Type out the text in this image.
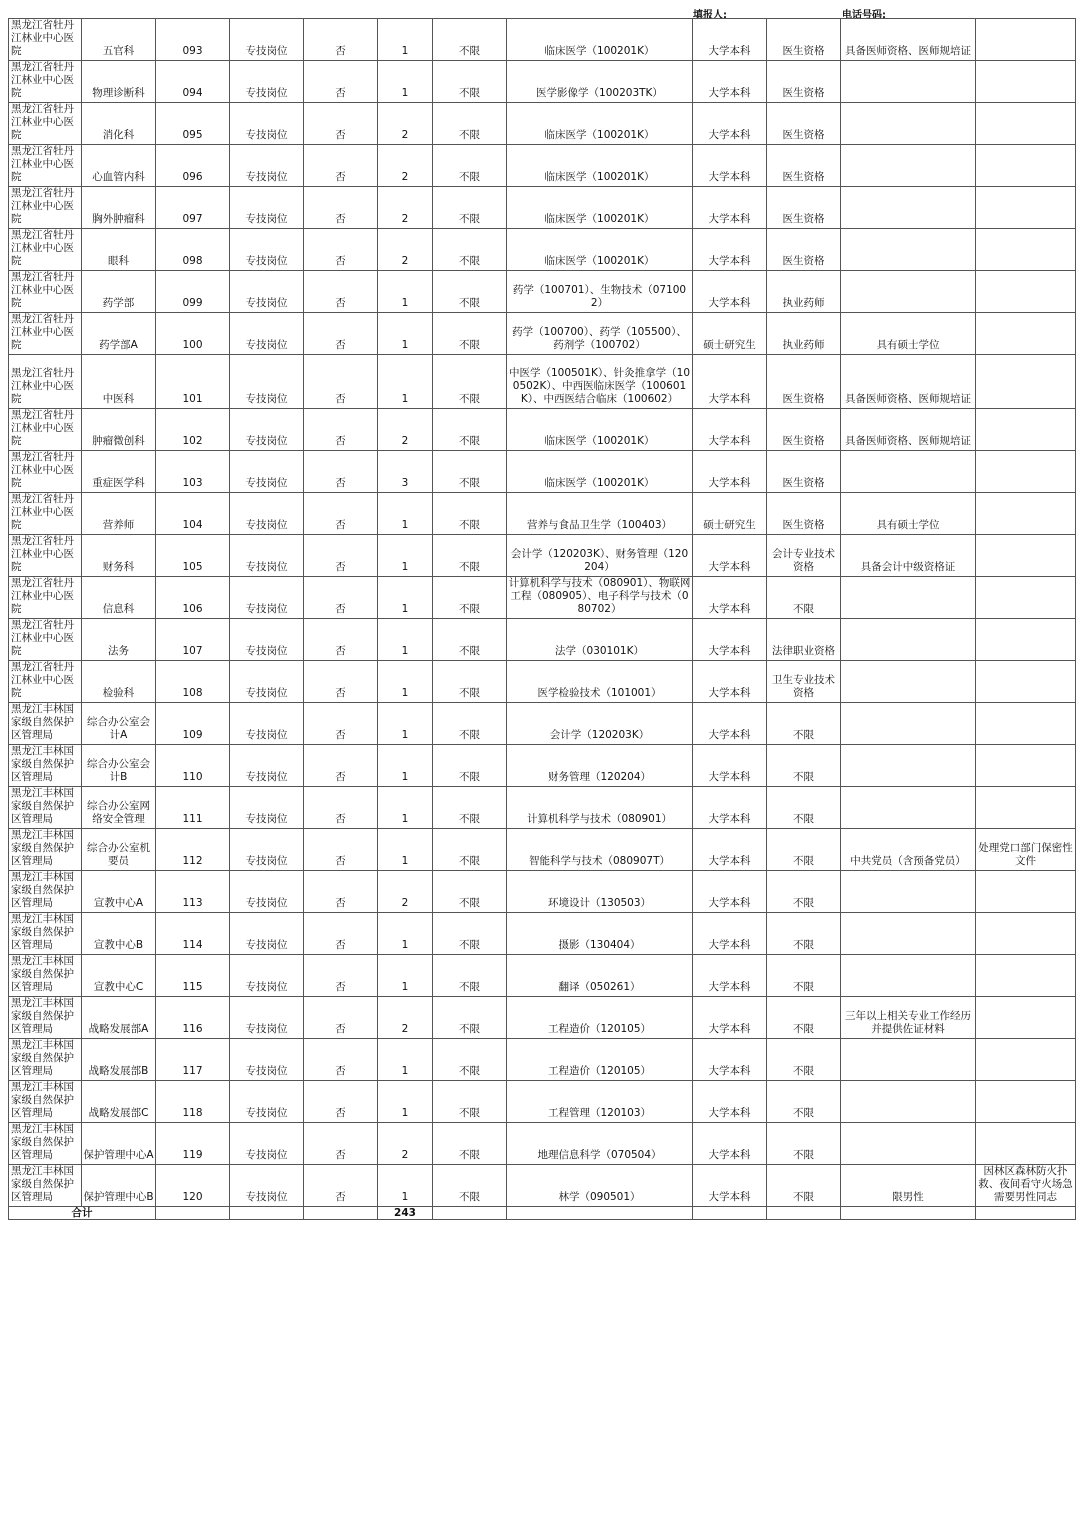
填报人:	电话号码:
黑龙江省牡丹江林业中心医院	五官科	093	专技岗位	否	1	不限	临床医学（100201K）	大学本科	医生资格	具备医师资格、医师规培证	
黑龙江省牡丹江林业中心医院	物理诊断科	094	专技岗位	否	1	不限	医学影像学（100203TK）	大学本科	医生资格		
黑龙江省牡丹江林业中心医院	消化科	095	专技岗位	否	2	不限	临床医学（100201K）	大学本科	医生资格		
黑龙江省牡丹江林业中心医院	心血管内科	096	专技岗位	否	2	不限	临床医学（100201K）	大学本科	医生资格		
黑龙江省牡丹江林业中心医院	胸外肿瘤科	097	专技岗位	否	2	不限	临床医学（100201K）	大学本科	医生资格		
黑龙江省牡丹江林业中心医院	眼科	098	专技岗位	否	2	不限	临床医学（100201K）	大学本科	医生资格		
黑龙江省牡丹江林业中心医院	药学部	099	专技岗位	否	1	不限	药学（100701）、生物技术（071002）	大学本科	执业药师		
黑龙江省牡丹江林业中心医院	药学部A	100	专技岗位	否	1	不限	药学（100700）、药学（105500）、药剂学（100702）	硕士研究生	执业药师	具有硕士学位	
黑龙江省牡丹江林业中心医院	中医科	101	专技岗位	否	1	不限	中医学（100501K）、针灸推拿学（100502K）、中西医临床医学（100601K）、中西医结合临床（100602）	大学本科	医生资格	具备医师资格、医师规培证	
黑龙江省牡丹江林业中心医院	肿瘤微创科	102	专技岗位	否	2	不限	临床医学（100201K）	大学本科	医生资格	具备医师资格、医师规培证	
黑龙江省牡丹江林业中心医院	重症医学科	103	专技岗位	否	3	不限	临床医学（100201K）	大学本科	医生资格		
黑龙江省牡丹江林业中心医院	营养师	104	专技岗位	否	1	不限	营养与食品卫生学（100403）	硕士研究生	医生资格	具有硕士学位	
黑龙江省牡丹江林业中心医院	财务科	105	专技岗位	否	1	不限	会计学（120203K）、财务管理（120204）	大学本科	会计专业技术资格	具备会计中级资格证	
黑龙江省牡丹江林业中心医院	信息科	106	专技岗位	否	1	不限	计算机科学与技术（080901）、物联网工程（080905）、电子科学与技术（080702）	大学本科	不限		
黑龙江省牡丹江林业中心医院	法务	107	专技岗位	否	1	不限	法学（030101K）	大学本科	法律职业资格		
黑龙江省牡丹江林业中心医院	检验科	108	专技岗位	否	1	不限	医学检验技术（101001）	大学本科	卫生专业技术资格		
黑龙江丰林国家级自然保护区管理局	综合办公室会计A	109	专技岗位	否	1	不限	会计学（120203K）	大学本科	不限		
黑龙江丰林国家级自然保护区管理局	综合办公室会计B	110	专技岗位	否	1	不限	财务管理（120204）	大学本科	不限		
黑龙江丰林国家级自然保护区管理局	综合办公室网络安全管理	111	专技岗位	否	1	不限	计算机科学与技术（080901）	大学本科	不限		
黑龙江丰林国家级自然保护区管理局	综合办公室机要员	112	专技岗位	否	1	不限	智能科学与技术（080907T）	大学本科	不限	中共党员（含预备党员）	处理党口部门保密性文件
黑龙江丰林国家级自然保护区管理局	宣教中心A	113	专技岗位	否	2	不限	环境设计（130503）	大学本科	不限		
黑龙江丰林国家级自然保护区管理局	宣教中心B	114	专技岗位	否	1	不限	摄影（130404）	大学本科	不限		
黑龙江丰林国家级自然保护区管理局	宣教中心C	115	专技岗位	否	1	不限	翻译（050261）	大学本科	不限		
黑龙江丰林国家级自然保护区管理局	战略发展部A	116	专技岗位	否	2	不限	工程造价（120105）	大学本科	不限	三年以上相关专业工作经历并提供佐证材料	
黑龙江丰林国家级自然保护区管理局	战略发展部B	117	专技岗位	否	1	不限	工程造价（120105）	大学本科	不限		
黑龙江丰林国家级自然保护区管理局	战略发展部C	118	专技岗位	否	1	不限	工程管理（120103）	大学本科	不限		
黑龙江丰林国家级自然保护区管理局	保护管理中心A	119	专技岗位	否	2	不限	地理信息科学（070504）	大学本科	不限		
黑龙江丰林国家级自然保护区管理局	保护管理中心B	120	专技岗位	否	1	不限	林学（090501）	大学本科	不限	限男性	因林区森林防火扑救、夜间看守火场急需要男性同志
合计					243						
